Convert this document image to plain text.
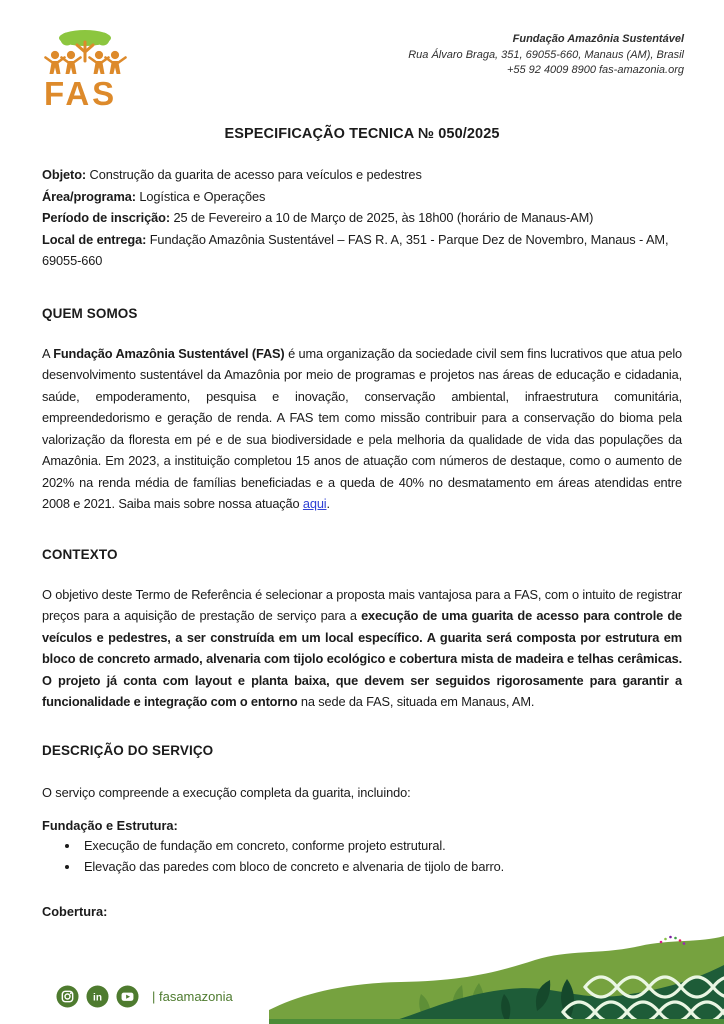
FAS
Fundação Amazônia Sustentável
Rua Álvaro Braga, 351, 69055-660, Manaus (AM), Brasil
+55 92 4009 8900 fas-amazonia.org
ESPECIFICAÇÃO TECNICA № 050/2025

Objeto: Construção da guarita de acesso para veículos e pedestres

Área/programa: Logística e Operações

Período de inscrição: 25 de Fevereiro a 10 de Março de 2025, às 18h00 (horário de Manaus-AM)

Local de entrega: Fundação Amazônia Sustentável – FAS R. A, 351 - Parque Dez de Novembro, Manaus - AM, 69055-660

QUEM SOMOS

A Fundação Amazônia Sustentável (FAS) é uma organização da sociedade civil sem fins lucrativos que atua pelo desenvolvimento sustentável da Amazônia por meio de programas e projetos nas áreas de educação e cidadania, saúde, empoderamento, pesquisa e inovação, conservação ambiental, infraestrutura comunitária, empreendedorismo e geração de renda. A FAS tem como missão contribuir para a conservação do bioma pela valorização da floresta em pé e de sua biodiversidade e pela melhoria da qualidade de vida das populações da Amazônia. Em 2023, a instituição completou 15 anos de atuação com números de destaque, como o aumento de 202% na renda média de famílias beneficiadas e a queda de 40% no desmatamento em áreas atendidas entre 2008 e 2021. Saiba mais sobre nossa atuação aqui.

CONTEXTO

O objetivo deste Termo de Referência é selecionar a proposta mais vantajosa para a FAS, com o intuito de registrar preços para a aquisição de prestação de serviço para a execução de uma guarita de acesso para controle de veículos e pedestres, a ser construída em um local específico. A guarita será composta por estrutura em bloco de concreto armado, alvenaria com tijolo ecológico e cobertura mista de madeira e telhas cerâmicas. O projeto já conta com layout e planta baixa, que devem ser seguidos rigorosamente para garantir a funcionalidade e integração com o entorno na sede da FAS, situada em Manaus, AM.

DESCRIÇÃO DO SERVIÇO

O serviço compreende a execução completa da guarita, incluindo:

Fundação e Estrutura:

• Execução de fundação em concreto, conforme projeto estrutural.
• Elevação das paredes com bloco de concreto e alvenaria de tijolo de barro.

Cobertura:

in	| fasamazonia
